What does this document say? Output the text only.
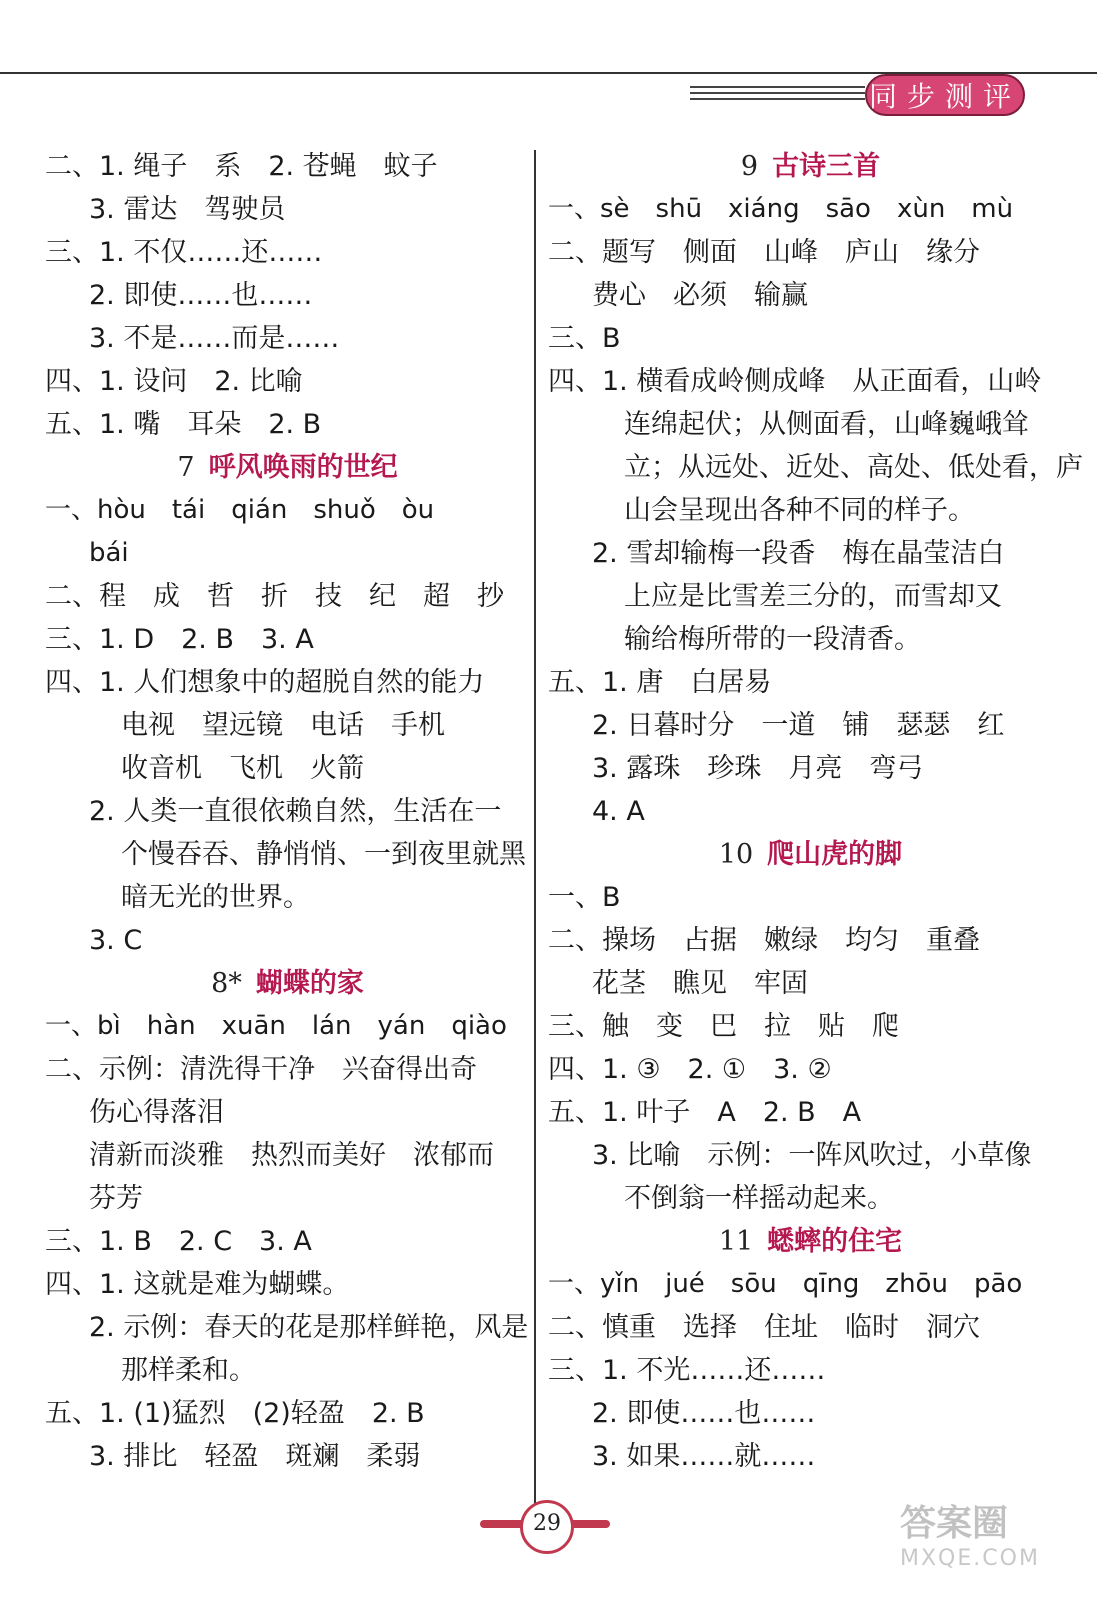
同步测评
二、1. 绳子　系　2. 苍蝇　蚊子
3. 雷达　驾驶员
三、1. 不仅……还……
2. 即使……也……
3. 不是……而是……
四、1. 设问　2. 比喻
五、1. 嘴　耳朵　2. B
7 呼风唤雨的世纪
一、hòu　tái　qián　shuǒ　òu
bái
二、程　成　哲　折　技　纪　超　抄
三、1. D　2. B　3. A
四、1. 人们想象中的超脱自然的能力
电视　望远镜　电话　手机
收音机　飞机　火箭
2. 人类一直很依赖自然，生活在一
个慢吞吞、静悄悄、一到夜里就黑
暗无光的世界。
3. C
8* 蝴蝶的家
一、bì　hàn　xuān　lán　yán　qiào
二、示例：清洗得干净　兴奋得出奇
伤心得落泪
清新而淡雅　热烈而美好　浓郁而
芬芳
三、1. B　2. C　3. A
四、1. 这就是难为蝴蝶。
2. 示例：春天的花是那样鲜艳，风是
那样柔和。
五、1. (1)猛烈　(2)轻盈　2. B
3. 排比　轻盈　斑斓　柔弱
9 古诗三首
一、sè　shū　xiáng　sāo　xùn　mù
二、题写　侧面　山峰　庐山　缘分
费心　必须　输赢
三、B
四、1. 横看成岭侧成峰　从正面看，山岭
连绵起伏；从侧面看，山峰巍峨耸
立；从远处、近处、高处、低处看，庐
山会呈现出各种不同的样子。
2. 雪却输梅一段香　梅在晶莹洁白
上应是比雪差三分的，而雪却又
输给梅所带的一段清香。
五、1. 唐　白居易
2. 日暮时分　一道　铺　瑟瑟　红
3. 露珠　珍珠　月亮　弯弓
4. A
10 爬山虎的脚
一、B
二、操场　占据　嫩绿　均匀　重叠
花茎　瞧见　牢固
三、触　变　巴　拉　贴　爬
四、1. ③　2. ①　3. ②
五、1. 叶子　A　2. B　A
3. 比喻　示例：一阵风吹过，小草像
不倒翁一样摇动起来。
11 蟋蟀的住宅
一、yǐn　jué　sōu　qīng　zhōu　pāo
二、慎重　选择　住址　临时　洞穴
三、1. 不光……还……
2. 即使……也……
3. 如果……就……
29	答案圈
MXQE.COM
